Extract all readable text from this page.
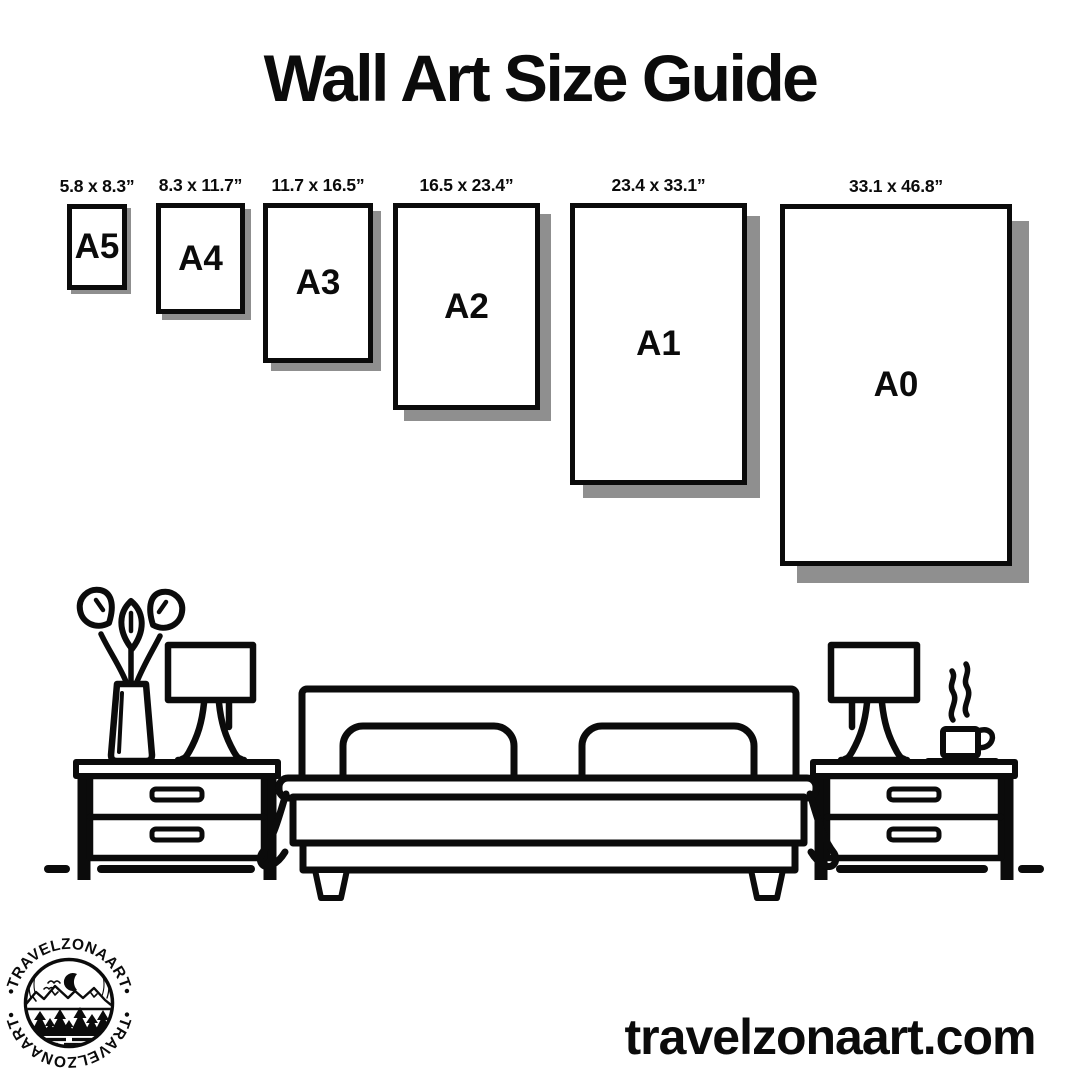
Wall Art Size Guide
5.8 x 8.3”
A5
8.3 x 11.7”
A4
11.7 x 16.5”
A3
16.5 x 23.4”
A2
23.4 x 33.1”
A1
33.1 x 46.8”
A0
•TRAVELZONAART•
•TRAVELZONAART•	travelzonaart.com
